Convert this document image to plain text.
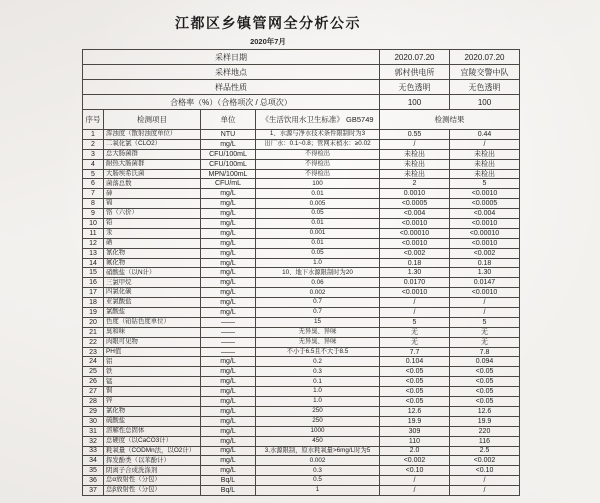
江都区乡镇管网全分析公示
2020年7月
采样日期				2020.07.20	2020.07.20
采样地点				郭村供电所	宜陵交警中队
样品性质				无色透明	无色透明
合格率（%）（合格项次 / 总项次）				100	100
序号	检测项目	单位	《生活饮用水卫生标准》 GB5749	检测结果	
1	浑浊度（散射浊度单位）	NTU	1、水源与净水技术条件限制时为3	0.55	0.44
2	二氧化氯（CLO2）	mg/L	出厂水：0.1~0.8；管网末梢水：≥0.02	/	/
3	总大肠菌群	CFU/100mL	不得检出	未检出	未检出
4	耐热大肠菌群	CFU/100mL	不得检出	未检出	未检出
5	大肠埃希氏菌	MPN/100mL	不得检出	未检出	未检出
6	菌落总数	CFU/mL	100	2	5
7	砷	mg/L	0.01	0.0010	<0.0010
8	镉	mg/L	0.005	<0.0005	<0.0005
9	铬（六价）	mg/L	0.05	<0.004	<0.004
10	铅	mg/L	0.01	<0.0010	<0.0010
11	汞	mg/L	0.001	<0.00010	<0.00010
12	硒	mg/L	0.01	<0.0010	<0.0010
13	氰化物	mg/L	0.05	<0.002	<0.002
14	氟化物	mg/L	1.0	0.18	0.18
15	硝酸盐（以N计）	mg/L	10、地下水源限制时为20	1.30	1.30
16	三氯甲烷	mg/L	0.06	0.0170	0.0147
17	四氯化碳	mg/L	0.002	<0.0010	<0.0010
18	亚氯酸盐	mg/L	0.7	/	/
19	氯酸盐	mg/L	0.7	/	/
20	色度（铂钴色度单位）	——	15	5	5
21	臭和味	——	无异臭、异味	无	无
22	肉眼可见物	——	无异臭、异味	无	无
23	PH值	——	不小于6.5且不大于8.5	7.7	7.8
24	铝	mg/L	0.2	0.104	0.094
25	铁	mg/L	0.3	<0.05	<0.05
26	锰	mg/L	0.1	<0.05	<0.05
27	铜	mg/L	1.0	<0.05	<0.05
28	锌	mg/L	1.0	<0.05	<0.05
29	氯化物	mg/L	250	12.6	12.6
30	硫酸盐	mg/L	250	19.9	19.9
31	溶解性总固体	mg/L	1000	309	220
32	总硬度（以CaCO3计）	mg/L	450	110	116
33	耗氧量（CODMn法，以O2计）	mg/L	3,水源限制，原水耗氧量>6mg/L时为5	2.0	2.5
34	挥发酚类（以苯酚计）	mg/L	0.002	<0.002	<0.002
35	阴离子合成洗涤剂	mg/L	0.3	<0.10	<0.10
36	总α放射性（分包）	Bq/L	0.5	/	/
37	总β放射性（分包）	Bq/L	1	/	/
